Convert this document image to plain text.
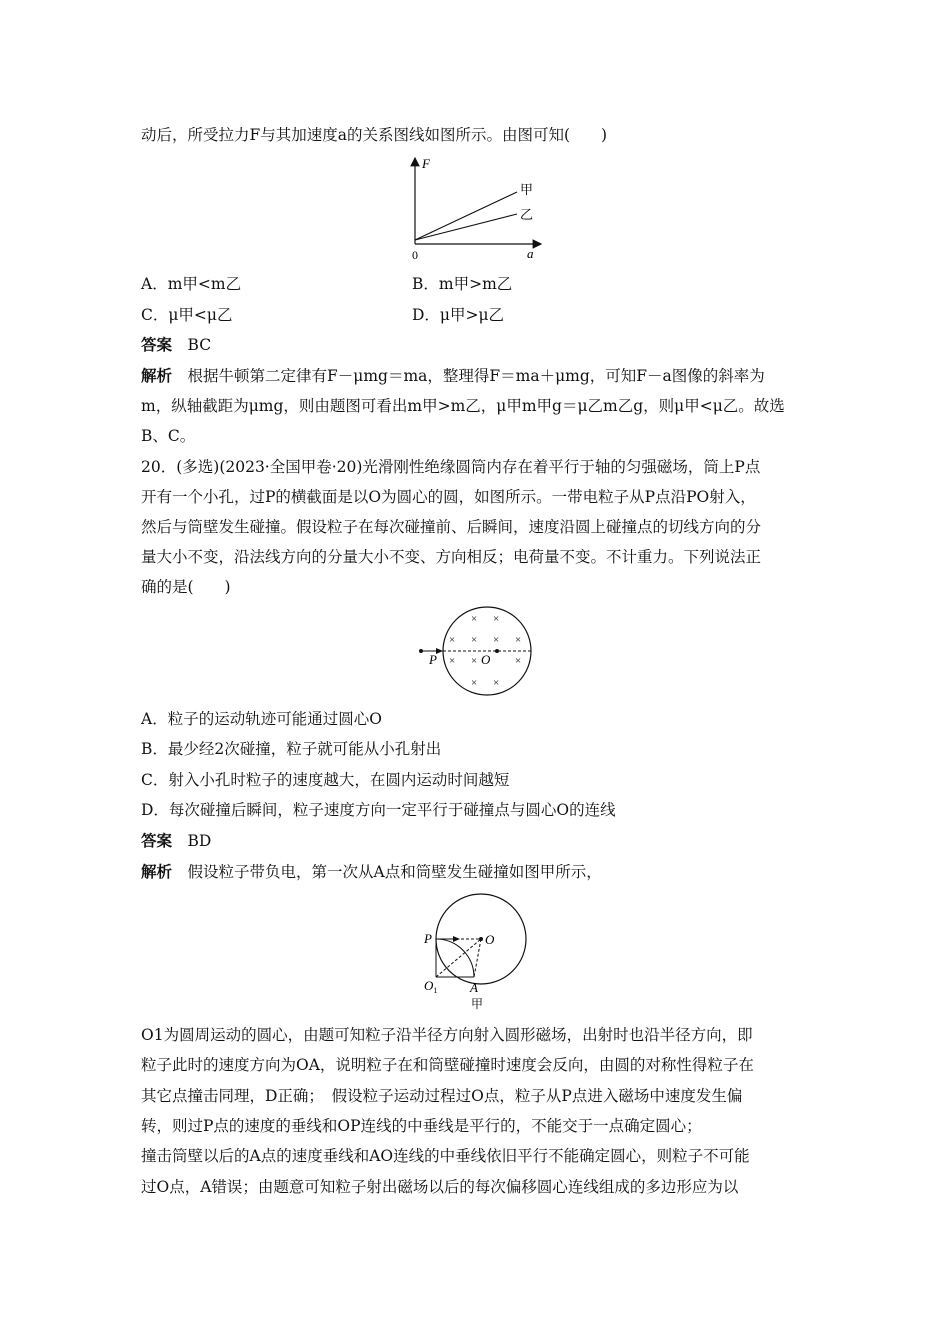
动后，所受拉力F与其加速度a的关系图线如图所示。由图可知(　　)
F
a
0
甲
乙
A．m甲<m乙	B．m甲>m乙
C．μ甲<μ乙	D．μ甲>μ乙
答案　 BC
解析　 根据牛顿第二定律有F－μmg＝ma，整理得F＝ma＋μmg，可知F－a图像的斜率为
m，纵轴截距为μmg，则由题图可看出m甲>m乙，μ甲m甲g＝μ乙m乙g，则μ甲<μ乙。故选
B、C。
20．(多选)(2023·全国甲卷·20)光滑刚性绝缘圆筒内存在着平行于轴的匀强磁场，筒上P点
开有一个小孔，过P的横截面是以O为圆心的圆，如图所示。一带电粒子从P点沿PO射入，
然后与筒壁发生碰撞。假设粒子在每次碰撞前、后瞬间，速度沿圆上碰撞点的切线方向的分
量大小不变，沿法线方向的分量大小不变、方向相反；电荷量不变。不计重力。下列说法正
确的是(　　)
P	O
× ×
× × × ×
× ×	×
× ×
A．粒子的运动轨迹可能通过圆心O
B．最少经2次碰撞，粒子就可能从小孔射出
C．射入小孔时粒子的速度越大，在圆内运动时间越短
D．每次碰撞后瞬间，粒子速度方向一定平行于碰撞点与圆心O的连线
答案　 BD
解析　 假设粒子带负电，第一次从A点和筒壁发生碰撞如图甲所示，
P	O
$O_1$	A
甲
O1为圆周运动的圆心，由题可知粒子沿半径方向射入圆形磁场，出射时也沿半径方向，即
粒子此时的速度方向为OA，说明粒子在和筒壁碰撞时速度会反向，由圆的对称性得粒子在
其它点撞击同理，D正确；　假设粒子运动过程过O点，粒子从P点进入磁场中速度发生偏
转，则过P点的速度的垂线和OP连线的中垂线是平行的，不能交于一点确定圆心；
撞击筒壁以后的A点的速度垂线和AO连线的中垂线依旧平行不能确定圆心，则粒子不可能
过O点，A错误；由题意可知粒子射出磁场以后的每次偏移圆心连线组成的多边形应为以
